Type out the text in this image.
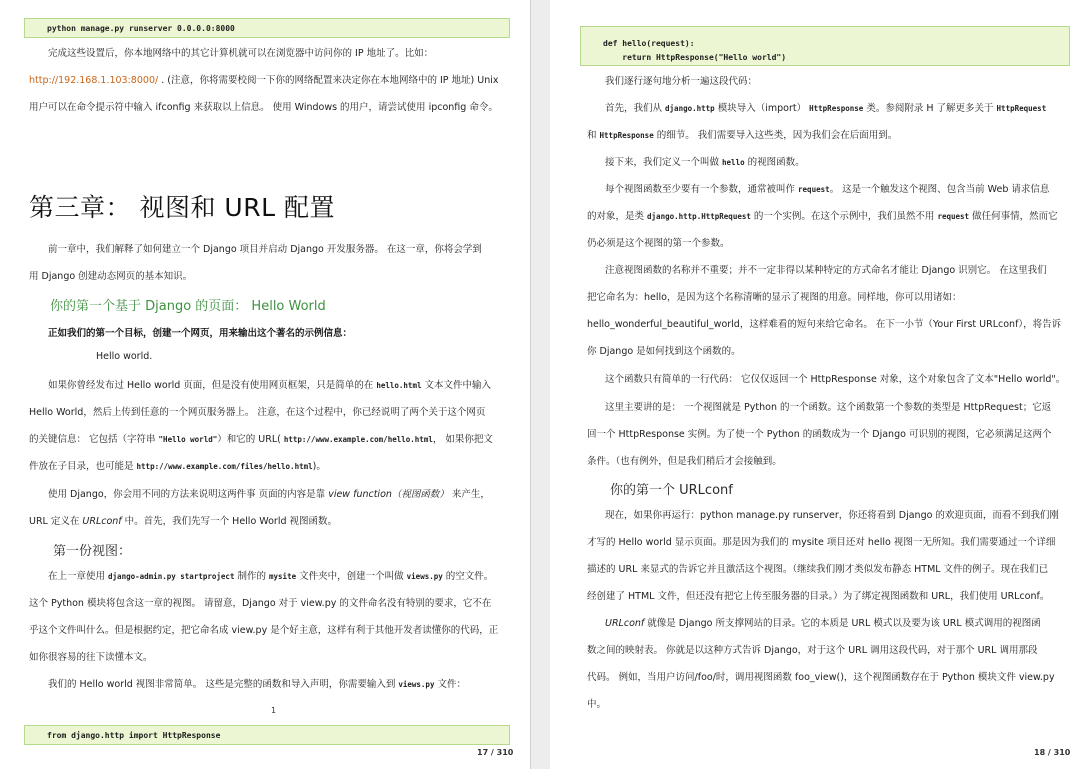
python manage.py runserver 0.0.0.0:8000
完成这些设置后，你本地网络中的其它计算机就可以在浏览器中访问你的 IP 地址了。比如：
http://192.168.1.103:8000/ . (注意，你将需要校阅一下你的网络配置来决定你在本地网络中的 IP 地址) Unix
用户可以在命令提示符中输入 ifconfig 来获取以上信息。 使用 Windows 的用户，请尝试使用 ipconfig 命令。
第三章： 视图和 URL 配置
前一章中，我们解释了如何建立一个 Django 项目并启动 Django 开发服务器。 在这一章，你将会学到
用 Django 创建动态网页的基本知识。
你的第一个基于 Django 的页面： Hello World
正如我们的第一个目标，创建一个网页，用来输出这个著名的示例信息：
Hello world.
如果你曾经发布过 Hello world 页面，但是没有使用网页框架，只是简单的在 hello.html 文本文件中输入
Hello World，然后上传到任意的一个网页服务器上。 注意，在这个过程中，你已经说明了两个关于这个网页
的关键信息： 它包括（字符串 "Hello world"）和它的 URL( http://www.example.com/hello.html， 如果你把文
件放在子目录，也可能是 http://www.example.com/files/hello.html)。
使用 Django，你会用不同的方法来说明这两件事 页面的内容是靠 view function（视图函数） 来产生，
URL 定义在 URLconf 中。首先，我们先写一个 Hello World 视图函数。
第一份视图：
在上一章使用 django-admin.py startproject 制作的 mysite 文件夹中，创建一个叫做 views.py 的空文件。
这个 Python 模块将包含这一章的视图。 请留意，Django 对于 view.py 的文件命名没有特别的要求，它不在
乎这个文件叫什么。但是根据约定，把它命名成 view.py 是个好主意，这样有利于其他开发者读懂你的代码，正
如你很容易的往下读懂本文。
我们的 Hello world 视图非常简单。 这些是完整的函数和导入声明，你需要输入到 views.py 文件：
1
from django.http import HttpResponse
17 / 310
def hello(request):
return HttpResponse("Hello world")
我们逐行逐句地分析一遍这段代码：
首先，我们从 django.http 模块导入（import） HttpResponse 类。参阅附录 H 了解更多关于 HttpRequest
和 HttpResponse 的细节。 我们需要导入这些类，因为我们会在后面用到。
接下来，我们定义一个叫做 hello 的视图函数。
每个视图函数至少要有一个参数，通常被叫作 request。 这是一个触发这个视图、包含当前 Web 请求信息
的对象，是类 django.http.HttpRequest 的一个实例。在这个示例中，我们虽然不用 request 做任何事情，然而它
仍必须是这个视图的第一个参数。
注意视图函数的名称并不重要；并不一定非得以某种特定的方式命名才能让 Django 识别它。 在这里我们
把它命名为：hello，是因为这个名称清晰的显示了视图的用意。同样地，你可以用诸如：
hello_wonderful_beautiful_world，这样难看的短句来给它命名。 在下一小节（Your First URLconf），将告诉
你 Django 是如何找到这个函数的。
这个函数只有简单的一行代码： 它仅仅返回一个 HttpResponse 对象，这个对象包含了文本"Hello world"。
这里主要讲的是： 一个视图就是 Python 的一个函数。这个函数第一个参数的类型是 HttpRequest；它返
回一个 HttpResponse 实例。为了使一个 Python 的函数成为一个 Django 可识别的视图，它必须满足这两个
条件。（也有例外，但是我们稍后才会接触到。
你的第一个 URLconf
现在，如果你再运行：python manage.py runserver，你还将看到 Django 的欢迎页面，而看不到我们刚
才写的 Hello world 显示页面。那是因为我们的 mysite 项目还对 hello 视图一无所知。我们需要通过一个详细
描述的 URL 来显式的告诉它并且激活这个视图。（继续我们刚才类似发布静态 HTML 文件的例子。现在我们已
经创建了 HTML 文件，但还没有把它上传至服务器的目录。）为了绑定视图函数和 URL，我们使用 URLconf。
URLconf 就像是 Django 所支撑网站的目录。它的本质是 URL 模式以及要为该 URL 模式调用的视图函
数之间的映射表。 你就是以这种方式告诉 Django，对于这个 URL 调用这段代码，对于那个 URL 调用那段
代码。 例如，当用户访问/foo/时，调用视图函数 foo_view()，这个视图函数存在于 Python 模块文件 view.py
中。
18 / 310
